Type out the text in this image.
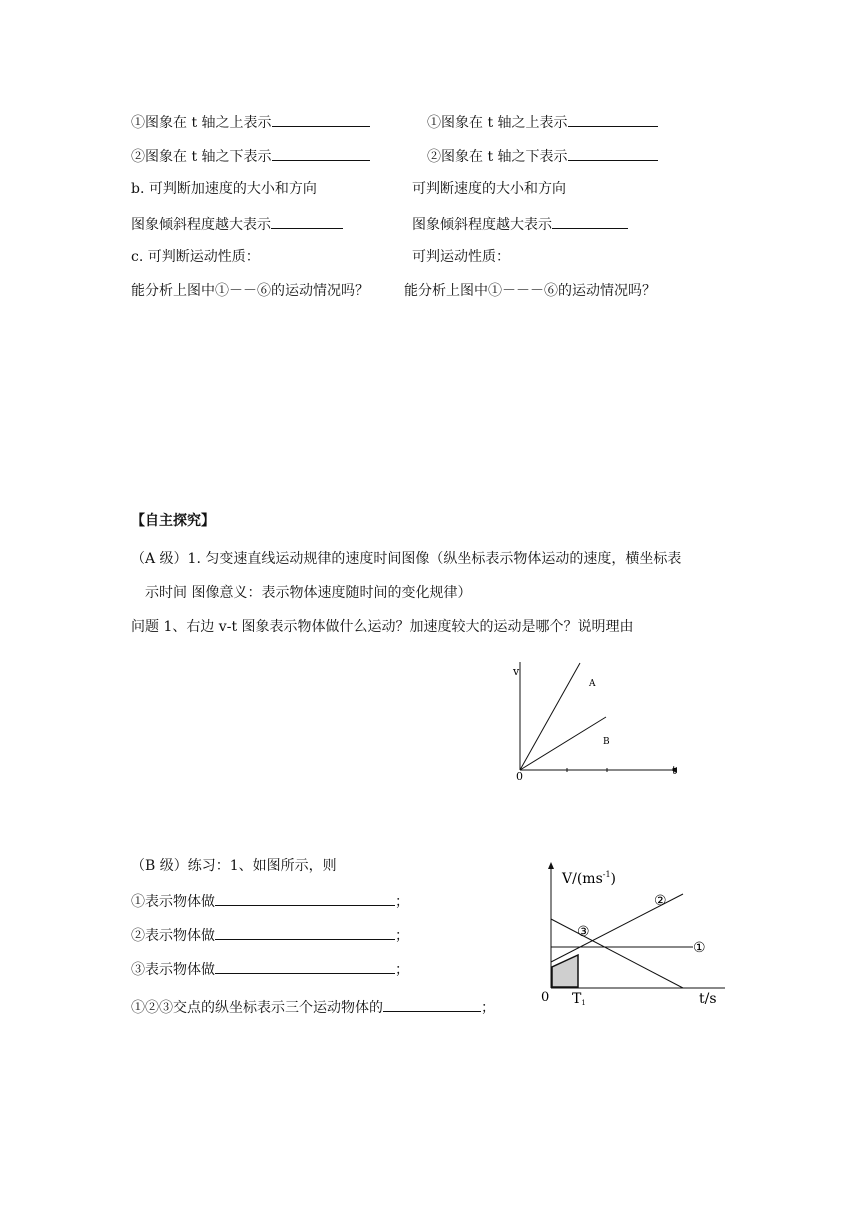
①图象在 t 轴之上表示	①图象在 t 轴之上表示
②图象在 t 轴之下表示	②图象在 t 轴之下表示
b. 可判断加速度的大小和方向	可判断速度的大小和方向
图象倾斜程度越大表示	图象倾斜程度越大表示
c. 可判断运动性质：	可判运动性质：
能分析上图中①－－⑥的运动情况吗？	能分析上图中①－－－⑥的运动情况吗？
【自主探究】
（A 级）1. 匀变速直线运动规律的速度时间图像（纵坐标表示物体运动的速度，横坐标表
示时间 图像意义：表示物体速度随时间的变化规律）
问题 1、右边 v-t 图象表示物体做什么运动？加速度较大的运动是哪个？说明理由
v
t
0
A
B
（B 级）练习：1、如图所示，则
①表示物体做	；
②表示物体做	；
③表示物体做	；
①②③交点的纵坐标表示三个运动物体的	；
$V/(ms^{-1})$
①
②
③
0 T1	t/s
